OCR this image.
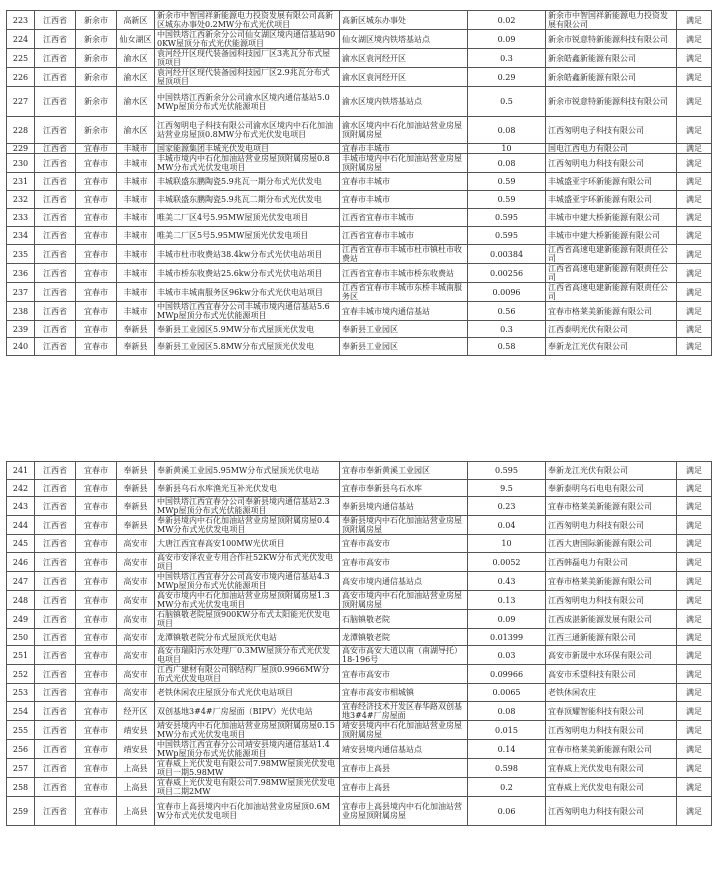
223	江西省	新余市	高新区	新余市中智国祥新能源电力投资发展有限公司高新区城东办事处0.2MW分布式光伏项目	高新区城东办事处	0.02	新余市中智国祥新能源电力投资发展有限公司	满足
224	江西省	新余市	仙女湖区	中国铁塔江西新余分公司仙女湖区境内通信基站900KW屋顶分布式光伏能源项目	仙女湖区境内铁塔基站点	0.09	新余市锐意特新能源科技有限公司	满足
225	江西省	新余市	渝水区	袁河经开区现代装备园科技园厂区3兆瓦分布式屋顶项目	渝水区袁河经开区	0.3	新余皓鑫新能源有限公司	满足
226	江西省	新余市	渝水区	袁河经开区现代装备园科技园厂区2.9兆瓦分布式屋顶项目	渝水区袁河经开区	0.29	新余皓鑫新能源有限公司	满足
227	江西省	新余市	渝水区	中国铁塔江西新余分公司渝水区境内通信基站5.0MWp屋顶分布式光伏能源项目	渝水区境内铁塔基站点	0.5	新余市锐意特新能源科技有限公司	满足
228	江西省	新余市	渝水区	江西匆明电子科技有限公司渝水区境内中石化加油站营业房屋顶0.8MW分布式光伏发电项目	渝水区境内中石化加油站营业房屋顶附属房屋	0.08	江西匆明电子科技有限公司	满足
229	江西省	宜春市	丰城市	国家能源集团丰城光伏发电项目	宜春市丰城市	10	国电江西电力有限公司	满足
230	江西省	宜春市	丰城市	丰城市境内中石化加油站营业房屋顶附属房屋0.8MW分布式光伏发电项目	丰城市境内中石化加油站营业房屋顶附属房屋	0.08	江西匆明电力科技有限公司	满足
231	江西省	宜春市	丰城市	丰城联盛东鹏陶瓷5.9兆瓦一期分布式光伏发电	宜春市丰城市	0.59	丰城盛亚宇环新能源有限公司	满足
232	江西省	宜春市	丰城市	丰城联盛东鹏陶瓷5.9兆瓦二期分布式光伏发电	宜春市丰城市	0.59	丰城盛亚宇环新能源有限公司	满足
233	江西省	宜春市	丰城市	唯美二厂区4号5.95MW屋顶光伏发电项目	江西省宜春市丰城市	0.595	丰城市中建大桥新能源有限公司	满足
234	江西省	宜春市	丰城市	唯美二厂区5号5.95MW屋顶光伏发电项目	江西省宜春市丰城市	0.595	丰城市中建大桥新能源有限公司	满足
235	江西省	宜春市	丰城市	丰城市杜市收费站38.4kw分布式光伏电站项目	江西省宜春市丰城市杜市镇杜市收费站	0.00384	江西省高速电建新能源有限责任公司	满足
236	江西省	宜春市	丰城市	丰城市桥东收费站25.6kw分布式光伏电站项目	江西省宜春市丰城市桥东收费站	0.00256	江西省高速电建新能源有限责任公司	满足
237	江西省	宜春市	丰城市	丰城市丰城南服务区96kw分布式光伏电站项目	江西省宜春市丰城市东桥丰城南服务区	0.0096	江西省高速电建新能源有限责任公司	满足
238	江西省	宜春市	丰城市	中国铁塔江西宜春分公司丰城市境内通信基站5.6MWp屋顶分布式光伏能源项目	宜春丰城市境内通信基站	0.56	宜春市格莱美新能源有限公司	满足
239	江西省	宜春市	奉新县	奉新县工业园区5.9MW分布式屋顶光伏发电	奉新县工业园区	0.3	江西泰明光伏有限公司	满足
240	江西省	宜春市	奉新县	奉新县工业园区5.8MW分布式屋顶光伏发电	奉新县工业园区	0.58	奉新龙江光伏有限公司	满足
241	江西省	宜春市	奉新县	奉新黄溪工业园5.95MW分布式屋顶光伏电站	宜春市奉新黄溪工业园区	0.595	奉新龙江光伏有限公司	满足
242	江西省	宜春市	奉新县	奉新县乌石水库渔光互补光伏发电	宜春市奉新县乌石水库	9.5	奉新泰明乌石电电有限公司	满足
243	江西省	宜春市	奉新县	中国铁塔江西宜春分公司奉新县境内通信基站2.3MWp屋顶分布式光伏能源项目	奉新县境内通信基站	0.23	宜春市格莱美新能源有限公司	满足
244	江西省	宜春市	奉新县	奉新县境内中石化加油站营业房屋顶附属房屋0.4MW分布式光伏发电项目	奉新县境内中石化加油站营业房屋顶附属房屋	0.04	江西匆明电力科技有限公司	满足
245	江西省	宜春市	高安市	大唐江西宜春高安100MW光伏项目	宜春市高安市	10	江西大唐国际新能源有限公司	满足
246	江西省	宜春市	高安市	高安市安泽农业专用合作社52KW分布式光伏发电项目	宜春市高安市	0.0052	江西韩磊电力有限公司	满足
247	江西省	宜春市	高安市	中国铁塔江西宜春分公司高安市境内通信基站4.3MWp屋顶分布式光伏能源项目	高安市境内通信基站点	0.43	宜春市格莱美新能源有限公司	满足
248	江西省	宜春市	高安市	高安市境内中石化加油站营业房屋顶附属房屋1.3MW分布式光伏发电项目	高安市境内中石化加油站营业房屋顶附属房屋	0.13	江西匆明电力科技有限公司	满足
249	江西省	宜春市	高安市	石脑镇敬老院屋顶900KW分布式太阳能光伏发电项目	石脑镇敬老院	0.09	江西成湛新能源发展有限公司	满足
250	江西省	宜春市	高安市	龙潭镇敬老院分布式屋顶光伏电站	龙潭镇敬老院	0.01399	江西三通新能源有限公司	满足
251	江西省	宜春市	高安市	高安市瑞阳污水处理厂0.3MW屋顶分布式光伏发电项目	高安市高安大道以南（南湖导托）18-196号	0.03	高安市新晟中水环保有限公司	满足
252	江西省	宜春市	高安市	江西广建材有限公司钢结构厂屋顶0.9966MW分布式光伏发电项目	宜春市高安市	0.09966	高安市禾望科技有限公司	满足
253	江西省	宜春市	高安市	老铁休闲农庄屋顶分布式光伏电站项目	宜春市高安市相城镇	0.0065	老铁休闲农庄	满足
254	江西省	宜春市	经开区	双创基地3#4#厂房屋面（BIPV）光伏电站	宜春经济技术开发区春华路双创基地3#4#厂房屋面	0.08	宜春顶耀智能科技有限公司	满足
255	江西省	宜春市	靖安县	靖安县境内中石化加油站营业房屋顶附属房屋0.15MW分布式光伏发电项目	靖安县境内中石化加油站营业房屋顶附属房屋	0.015	江西匆明电力科技有限公司	满足
256	江西省	宜春市	靖安县	中国铁塔江西宜春分公司靖安县境内通信基站1.4MWp屋顶分布式光伏能源项目	靖安县境内通信基站点	0.14	宜春市格莱美新能源有限公司	满足
257	江西省	宜春市	上高县	宜春威上光伏发电有限公司7.98MW屋顶光伏发电项目一期5.98MW	宜春市上高县	0.598	宜春威上光伏发电有限公司	满足
258	江西省	宜春市	上高县	宜春威上光伏发电有限公司7.98MW屋顶光伏发电项目二期2MW	宜春市上高县	0.2	宜春威上光伏发电有限公司	满足
259	江西省	宜春市	上高县	宜春市上高县境内中石化加油站营业房屋顶0.6MW分布式光伏发电项目	宜春市上高县境内中石化加油站营业房屋顶附属房屋	0.06	江西匆明电力科技有限公司	满足
